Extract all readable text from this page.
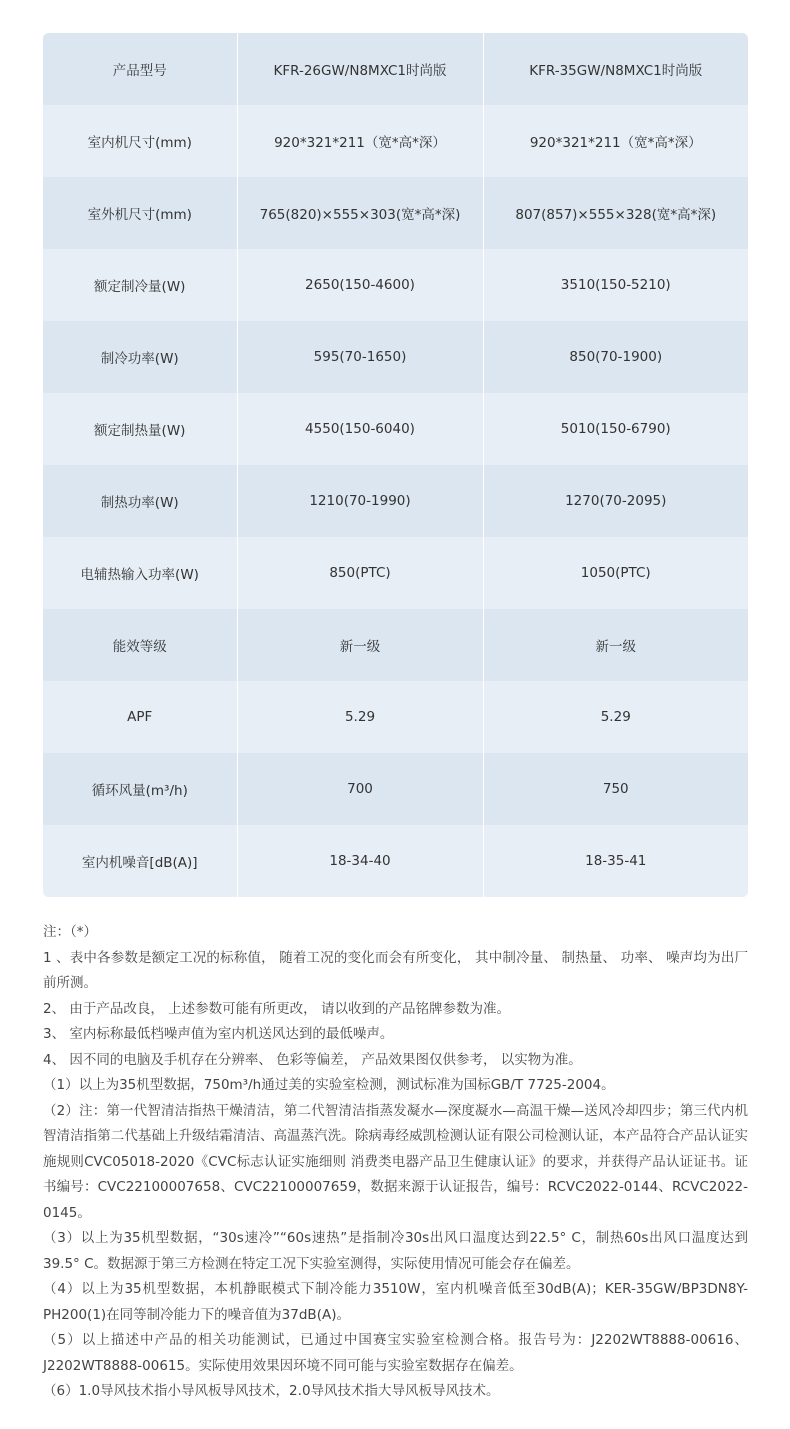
产品型号	KFR-26GW/N8MXC1时尚版	KFR-35GW/N8MXC1时尚版
室内机尺寸(mm)	920*321*211（宽*高*深）	920*321*211（宽*高*深）
室外机尺寸(mm)	765(820)×555×303(宽*高*深)	807(857)×555×328(宽*高*深)
额定制冷量(W)	2650(150-4600)	3510(150-5210)
制冷功率(W)	595(70-1650)	850(70-1900)
额定制热量(W)	4550(150-6040)	5010(150-6790)
制热功率(W)	1210(70-1990)	1270(70-2095)
电辅热输入功率(W)	850(PTC)	1050(PTC)
能效等级	新一级	新一级
APF	5.29	5.29
循环风量(m³/h)	700	750
室内机噪音[dB(A)]	18-34-40	18-35-41

注：（*）

1 、表中各参数是额定工况的标称值， 随着工况的变化而会有所变化， 其中制冷量、 制热量、 功率、 噪声均为出厂前所测。

2、 由于产品改良， 上述参数可能有所更改， 请以收到的产品铭牌参数为准。

3、 室内标称最低档噪声值为室内机送风达到的最低噪声。

4、 因不同的电脑及手机存在分辨率、 色彩等偏差， 产品效果图仅供参考， 以实物为准。

（1）以上为35机型数据，750m³/h通过美的实验室检测，测试标准为国标GB/T 7725-2004。

（2）注：第一代智清洁指热干燥清洁，第二代智清洁指蒸发凝水—深度凝水—高温干燥—送风冷却四步；第三代内机智清洁指第二代基础上升级结霜清洁、高温蒸汽洗。除病毒经威凯检测认证有限公司检测认证，本产品符合产品认证实施规则CVC05018-2020《CVC标志认证实施细则 消费类电器产品卫生健康认证》的要求，并获得产品认证证书。证书编号：CVC22100007658、CVC22100007659，数据来源于认证报告，编号：RCVC2022-0144、RCVC2022-0145。

（3）以上为35机型数据，“30s速冷”“60s速热”是指制冷30s出风口温度达到22.5° C，制热60s出风口温度达到39.5° C。数据源于第三方检测在特定工况下实验室测得，实际使用情况可能会存在偏差。

（4）以上为35机型数据，本机静眠模式下制冷能力3510W，室内机噪音低至30dB(A)；KER-35GW/BP3DN8Y-PH200(1)在同等制冷能力下的噪音值为37dB(A)。

（5）以上描述中产品的相关功能测试，已通过中国赛宝实验室检测合格。报告号为：J2202WT8888-00616、J2202WT8888-00615。实际使用效果因环境不同可能与实验室数据存在偏差。

（6）1.0导风技术指小导风板导风技术，2.0导风技术指大导风板导风技术。
